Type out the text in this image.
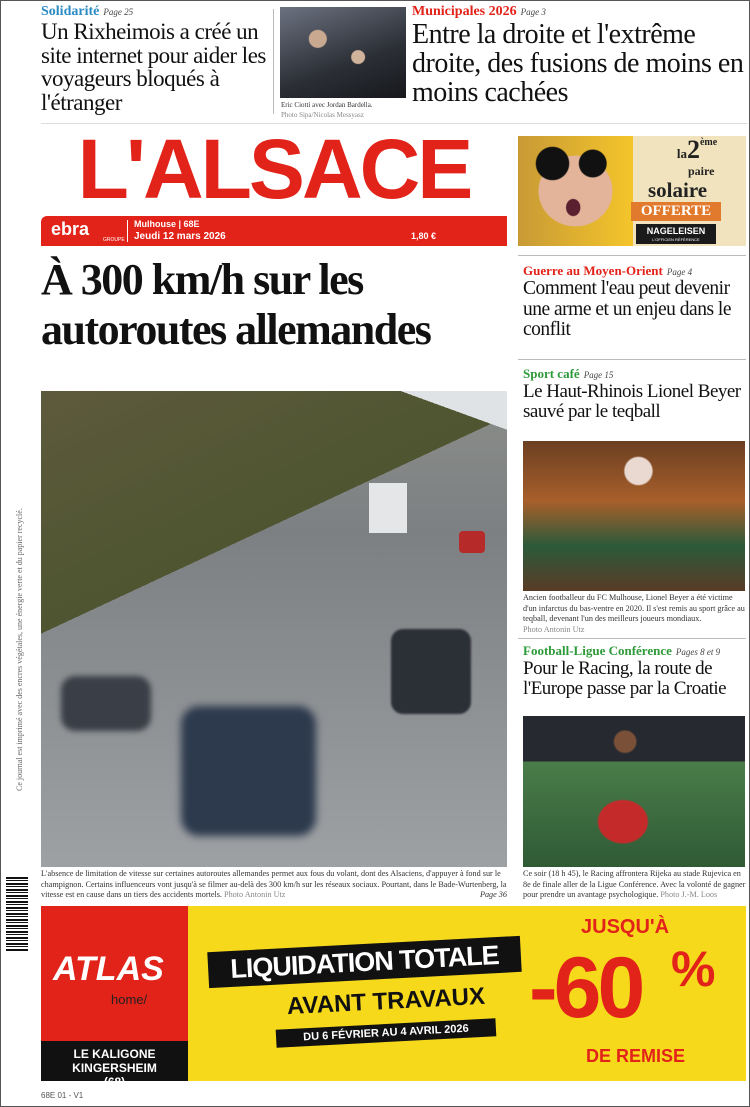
Solidarité Page 25
Un Rixheimois a créé un site internet pour aider les voyageurs bloqués à l'étranger	Eric Ciotti avec Jordan Bardella.
Photo Sipa/Nicolas Messyasz
Municipales 2026 Page 3
Entre la droite et l'extrême droite, des fusions de moins en moins cachées
L'ALSACE
ebra
GROUPE
Mulhouse | 68E
Jeudi 12 mars 2026	1,80 €
la2ème
paire
solaire
OFFERTE
NAGELEISEN
L'OFFICIEN RÉFÉRENCE
À 300 km/h sur les autoroutes allemandes
L'absence de limitation de vitesse sur certaines autoroutes allemandes permet aux fous du volant, dont des Alsaciens, d'appuyer à fond sur le champignon. Certains influenceurs vont jusqu'à se filmer au-delà des 300 km/h sur les réseaux sociaux. Pourtant, dans le Bade-Wurtenberg, la vitesse est en cause dans un tiers des accidents mortels. Photo Antonin Utz	Page 36
Guerre au Moyen-Orient Page 4
Comment l'eau peut devenir une arme et un enjeu dans le conflit
Sport café Page 15
Le Haut-Rhinois Lionel Beyer sauvé par le teqball
Ancien footballeur du FC Mulhouse, Lionel Beyer a été victime d'un infarctus du bas-ventre en 2020. Il s'est remis au sport grâce au teqball, devenant l'un des meilleurs joueurs mondiaux.
Photo Antonin Utz
Football-Ligue Conférence Pages 8 et 9
Pour le Racing, la route de l'Europe passe par la Croatie
Ce soir (18 h 45), le Racing affrontera Rijeka au stade Rujevica en 8e de finale aller de la Ligue Conférence. Avec la volonté de gagner pour prendre un avantage psychologique. Photo J.-M. Loos
Ce journal est imprimé avec des encres végétales, une énergie verte et du papier recyclé.
ATLAS
home/
LE KALIGONE KINGERSHEIM (68)
LIQUIDATION TOTALE
AVANT TRAVAUX
DU 6 FÉVRIER AU 4 AVRIL 2026
JUSQU'À
-60 %
DE REMISE
68E 01 - V1
